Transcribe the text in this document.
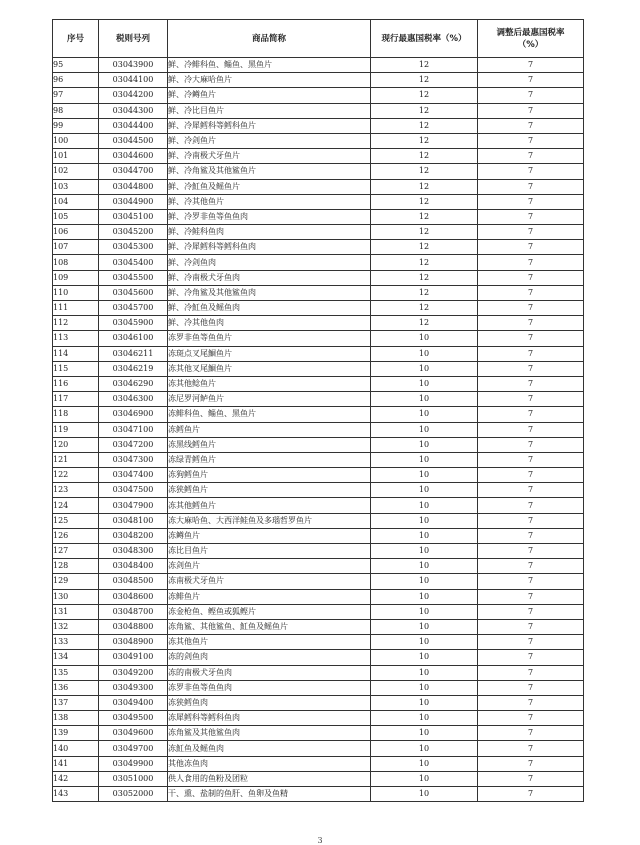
序号	税则号列	商品简称	现行最惠国税率（%）	调整后最惠国税率
（%）
95	03043900	鲜、冷鲱科鱼、鲻鱼、黑鱼片	12	7
96	03044100	鲜、冷大麻哈鱼片	12	7
97	03044200	鲜、冷鳟鱼片	12	7
98	03044300	鲜、冷比目鱼片	12	7
99	03044400	鲜、冷犀鳕科等鳕科鱼片	12	7
100	03044500	鲜、冷剑鱼片	12	7
101	03044600	鲜、冷南极犬牙鱼片	12	7
102	03044700	鲜、冷角鲨及其他鲨鱼片	12	7
103	03044800	鲜、冷魟鱼及鳐鱼片	12	7
104	03044900	鲜、冷其他鱼片	12	7
105	03045100	鲜、冷罗非鱼等鱼鱼肉	12	7
106	03045200	鲜、冷鲑科鱼肉	12	7
107	03045300	鲜、冷犀鳕科等鳕科鱼肉	12	7
108	03045400	鲜、冷剑鱼肉	12	7
109	03045500	鲜、冷南极犬牙鱼肉	12	7
110	03045600	鲜、冷角鲨及其他鲨鱼肉	12	7
111	03045700	鲜、冷魟鱼及鳐鱼肉	12	7
112	03045900	鲜、冷其他鱼肉	12	7
113	03046100	冻罗非鱼等鱼鱼片	10	7
114	03046211	冻斑点叉尾鮰鱼片	10	7
115	03046219	冻其他叉尾鮰鱼片	10	7
116	03046290	冻其他鲶鱼片	10	7
117	03046300	冻尼罗河鲈鱼片	10	7
118	03046900	冻鲱科鱼、鲻鱼、黑鱼片	10	7
119	03047100	冻鳕鱼片	10	7
120	03047200	冻黑线鳕鱼片	10	7
121	03047300	冻绿青鳕鱼片	10	7
122	03047400	冻狗鳕鱼片	10	7
123	03047500	冻狭鳕鱼片	10	7
124	03047900	冻其他鳕鱼片	10	7
125	03048100	冻大麻哈鱼、大西洋鲑鱼及多瑙哲罗鱼片	10	7
126	03048200	冻鳟鱼片	10	7
127	03048300	冻比目鱼片	10	7
128	03048400	冻剑鱼片	10	7
129	03048500	冻南极犬牙鱼片	10	7
130	03048600	冻鲱鱼片	10	7
131	03048700	冻金枪鱼、鲣鱼或狐鲣片	10	7
132	03048800	冻角鲨、其他鲨鱼、魟鱼及鳐鱼片	10	7
133	03048900	冻其他鱼片	10	7
134	03049100	冻的剑鱼肉	10	7
135	03049200	冻的南极犬牙鱼肉	10	7
136	03049300	冻罗非鱼等鱼鱼肉	10	7
137	03049400	冻狭鳕鱼肉	10	7
138	03049500	冻犀鳕科等鳕科鱼肉	10	7
139	03049600	冻角鲨及其他鲨鱼肉	10	7
140	03049700	冻魟鱼及鳐鱼肉	10	7
141	03049900	其他冻鱼肉	10	7
142	03051000	供人食用的鱼粉及团粒	10	7
143	03052000	干、熏、盐制的鱼肝、鱼卵及鱼精	10	7
3
